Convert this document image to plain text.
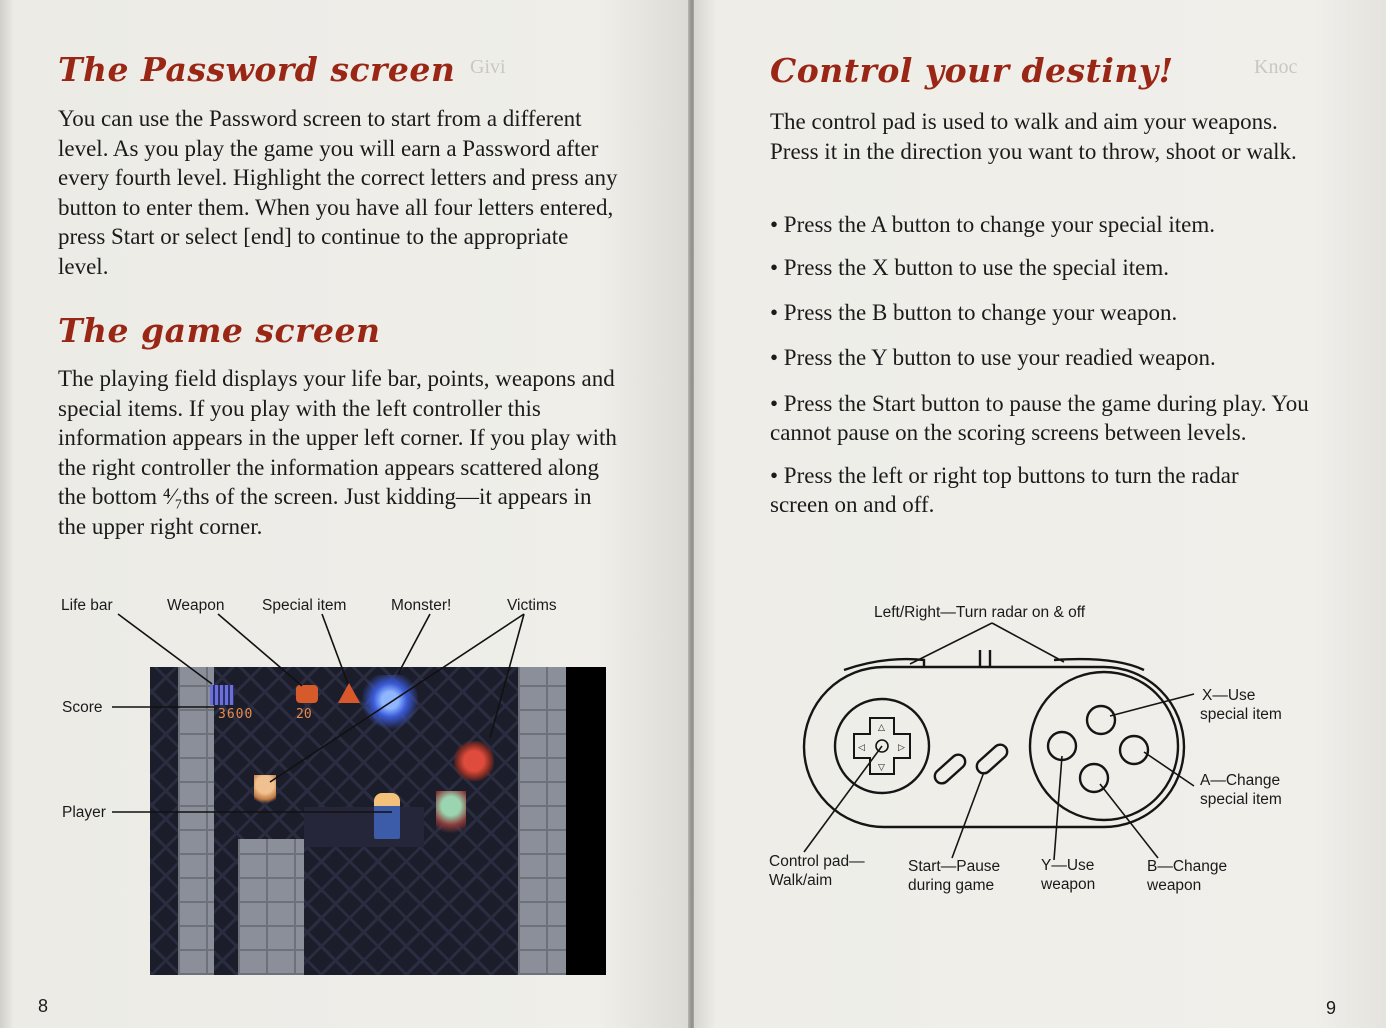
Givi
The Password screen

You can use the Password screen to start from a different level. As you play the game you will earn a Password after every fourth level. Highlight the correct letters and press any button to enter them. When you have all four letters entered, press Start or select [end] to continue to the appropriate level.

The game screen

The playing field displays your life bar, points, weapons and special items. If you play with the left controller this information appears in the upper left corner. If you play with the right controller the information appears scattered along the bottom ⁴⁄₇ths of the screen. Just kidding—it appears in the upper right corner.

3600	20
Life bar	Weapon Special item	Monster!	Victims
Score
Player
8
Knoc
Control your destiny!

The control pad is used to walk and aim your weapons. Press it in the direction you want to throw, shoot or walk.

• Press the A button to change your special item.

• Press the X button to use the special item.

• Press the B button to change your weapon.

• Press the Y button to use your readied weapon.

• Press the Start button to pause the game during play. You cannot pause on the scoring screens between levels.

• Press the left or right top buttons to turn the radar screen on and off.

△
▽
◁	▷
Left/Right—Turn radar on & off
X—Use
special item
A—Change
special item
Control pad—
Walk/aim
Start—Pause
during game
Y—Use
weapon
B—Change
weapon
9
